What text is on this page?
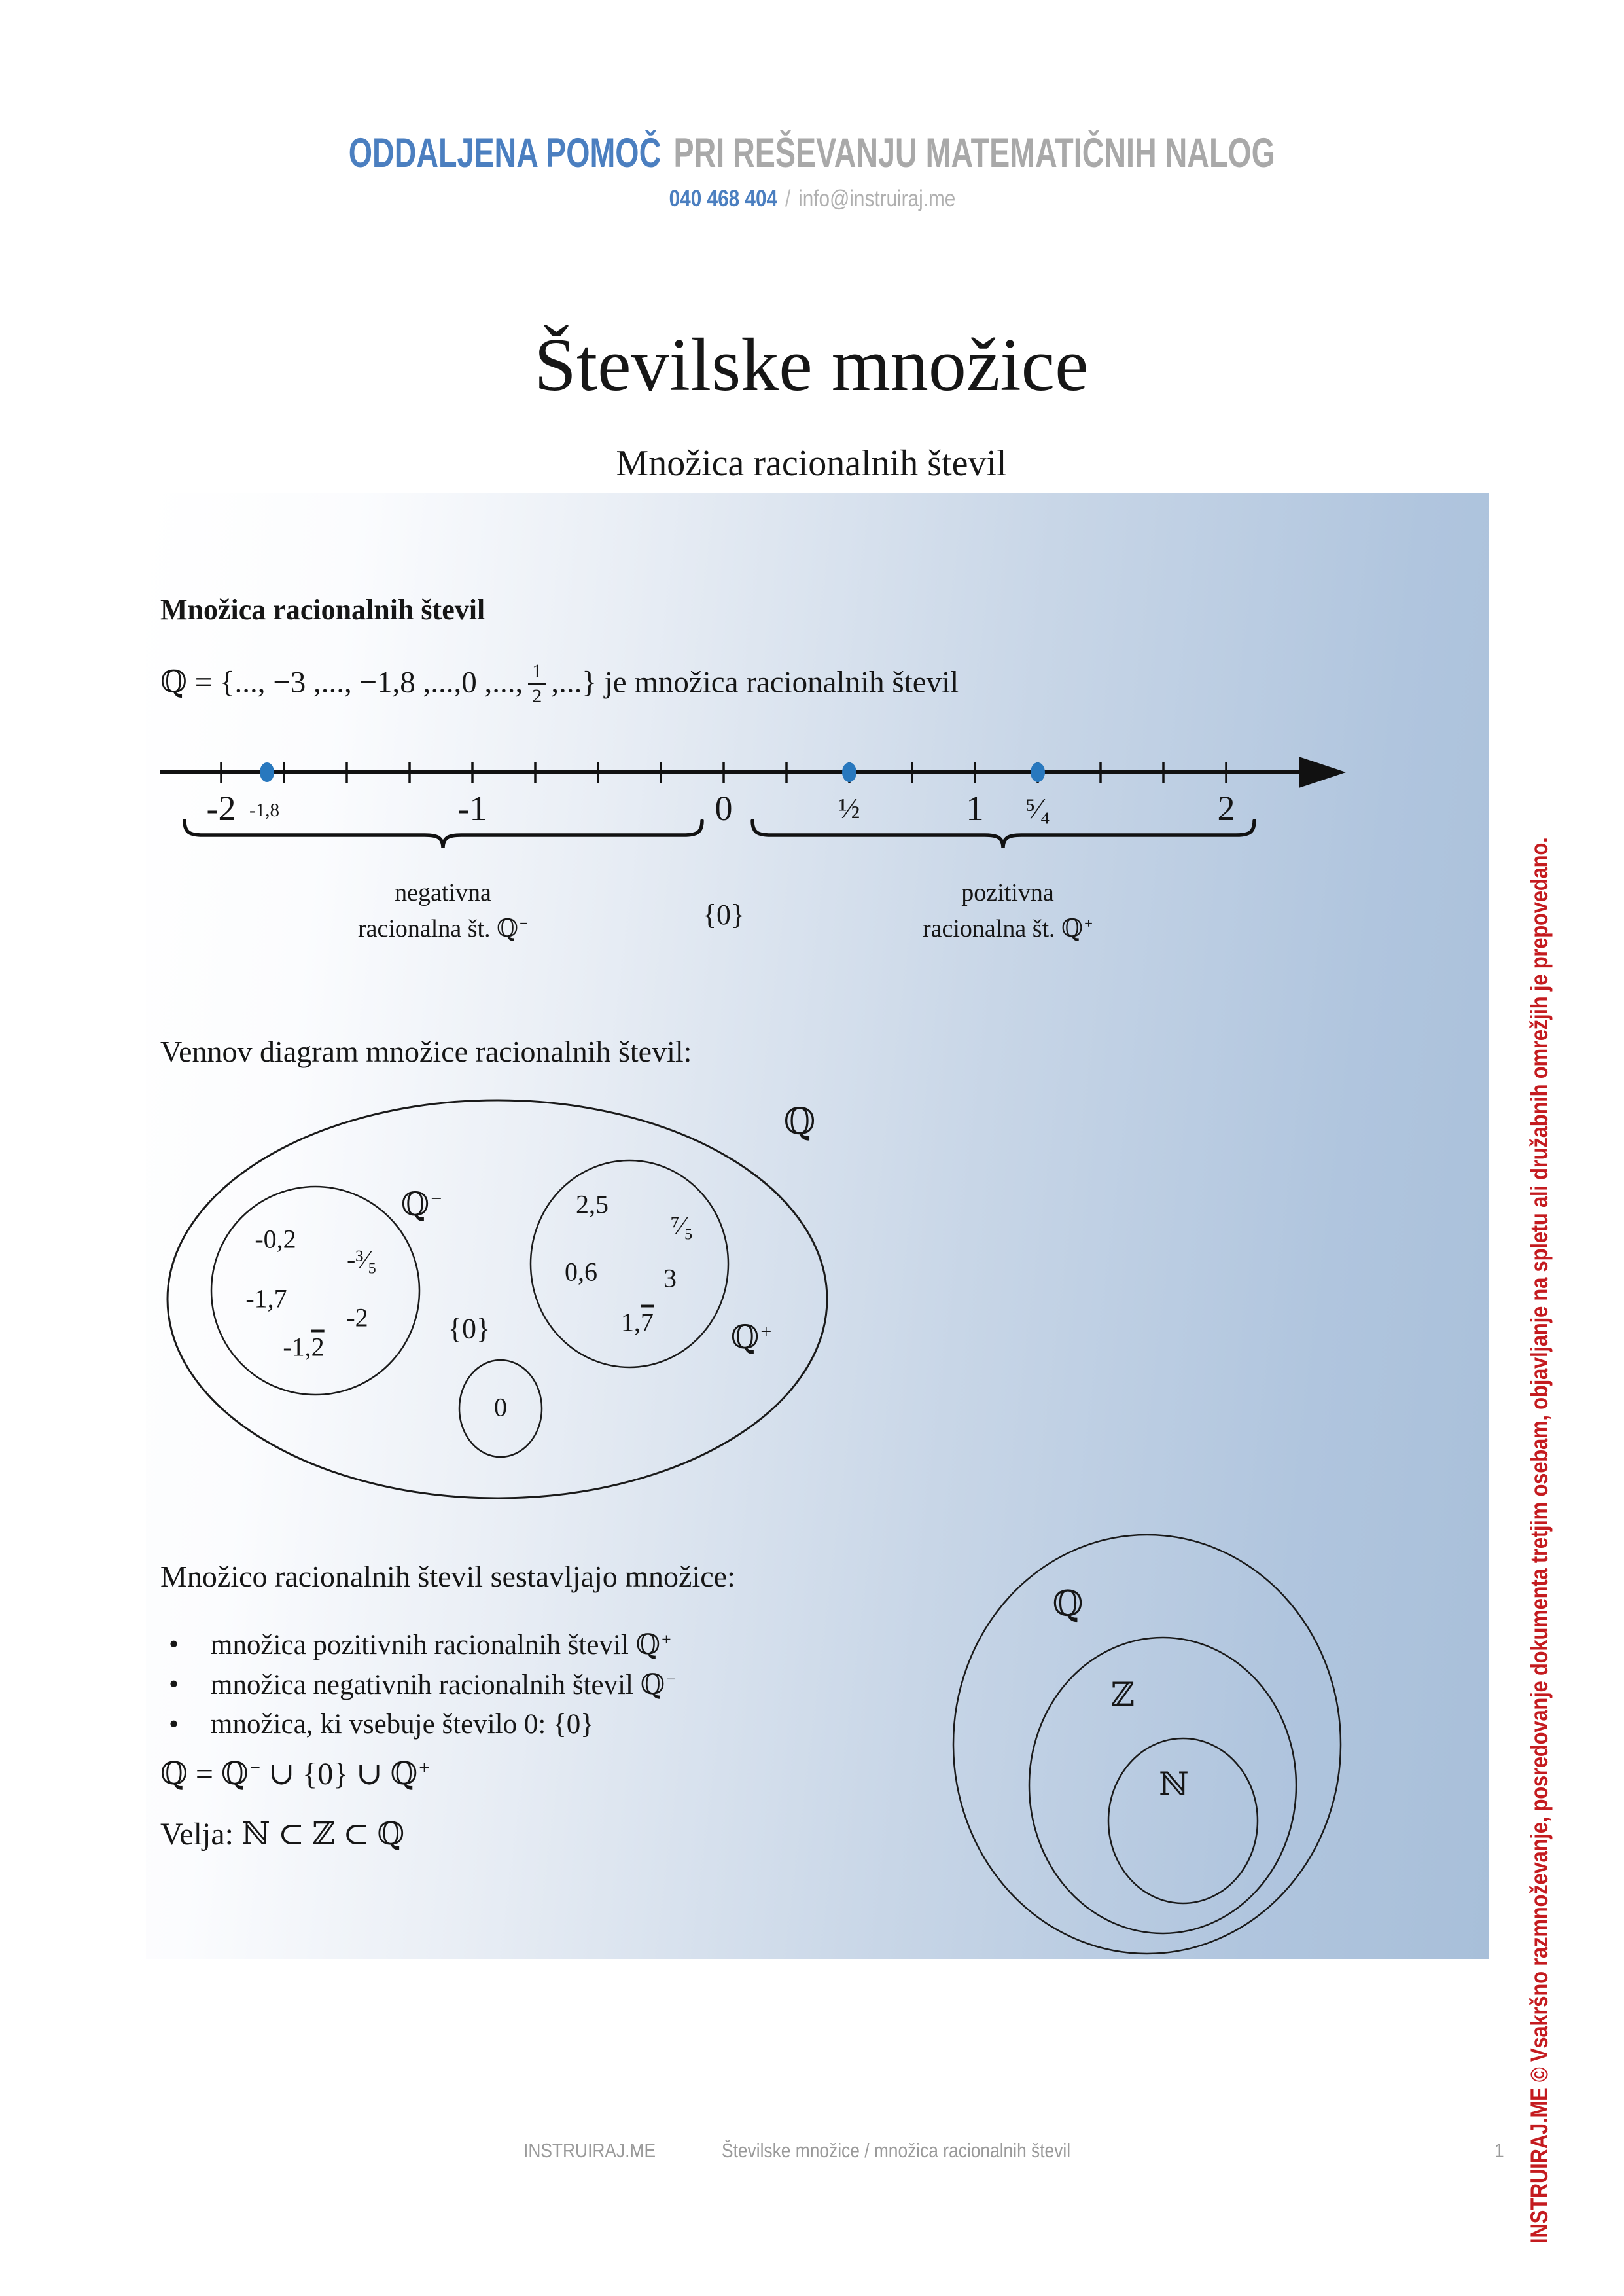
ODDALJENA POMOČ PRI REŠEVANJU MATEMATIČNIH NALOG
040 468 404 / info@instruiraj.me
Številske množice
Množica racionalnih števil
Množica racionalnih števil
ℚ = {..., −3 ,..., −1,8 ,...,0 ,..., $\frac{1}{2}$ ,...} je množica racionalnih števil
-2 -1,8	-1	0	½	1 ⁵⁄₄	2
negativna
racionalna št. ℚ−	{0}
pozitivna
racionalna št. ℚ+
Vennov diagram množice racionalnih števil:
ℚ
ℚ−
ℚ+
{0}
0
-0,2
-³⁄₅
-1,7
-2
-1,2
2,5
⁷⁄₅
0,6	3
1,7
Množico racionalnih števil sestavljajo množice:
• množica pozitivnih racionalnih števil ℚ+
• množica negativnih racionalnih števil ℚ−
• množica, ki vsebuje število 0: {0}
ℚ = ℚ− ∪ {0} ∪ ℚ+
Velja: ℕ ⊂ ℤ ⊂ ℚ
ℚ
ℤ
ℕ	INSTRUIRAJ.ME © Vsakršno razmnoževanje, posredovanje dokumenta tretjim osebam, objavljanje na spletu ali družabnih omrežjih je prepovedano.
INSTRUIRAJ.ME	Številske množice / množica racionalnih števil	1
